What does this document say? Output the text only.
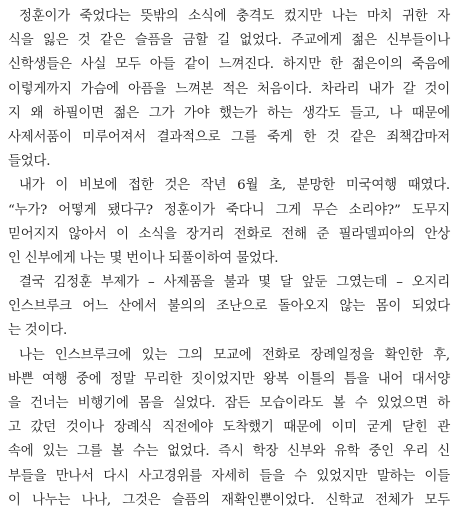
정훈이가 죽었다는 뜻밖의 소식에 충격도 컸지만 나는 마치 귀한 자
식을 잃은 것 같은 슬픔을 금할 길 없었다. 주교에게 젊은 신부들이나
신학생들은 사실 모두 아들 같이 느껴진다. 하지만 한 젊은이의 죽음에
이렇게까지 가슴에 아픔을 느껴본 적은 처음이다. 차라리 내가 갈 것이
지 왜 하필이면 젊은 그가 가야 했는가 하는 생각도 들고, 나 때문에
사제서품이 미루어져서 결과적으로 그를 죽게 한 것 같은 죄책감마저
들었다.
내가 이 비보에 접한 것은 작년 6월 초, 분망한 미국여행 때였다.
“누가? 어떻게 됐다구? 정훈이가 죽다니 그게 무슨 소리야?” 도무지
믿어지지 않아서 이 소식을 장거리 전화로 전해 준 필라델피아의 안상
인 신부에게 나는 몇 번이나 되풀이하여 물었다.
결국 김정훈 부제가 – 사제품을 불과 몇 달 앞둔 그였는데 – 오지리
인스브루크 어느 산에서 불의의 조난으로 돌아오지 않는 몸이 되었다
는 것이다.
나는 인스브루크에 있는 그의 모교에 전화로 장례일정을 확인한 후,
바쁜 여행 중에 정말 무리한 짓이었지만 왕복 이틀의 틈을 내어 대서양
을 건너는 비행기에 몸을 실었다. 잠든 모습이라도 볼 수 있었으면 하
고 갔던 것이나 장례식 직전에야 도착했기 때문에 이미 굳게 닫힌 관
속에 있는 그를 볼 수는 없었다. 즉시 학장 신부와 유학 중인 우리 신
부들을 만나서 다시 사고경위를 자세히 들을 수 있었지만 말하는 이들
이 나누는 나나, 그것은 슬픔의 재확인뿐이었다. 신학교 전체가 모두
